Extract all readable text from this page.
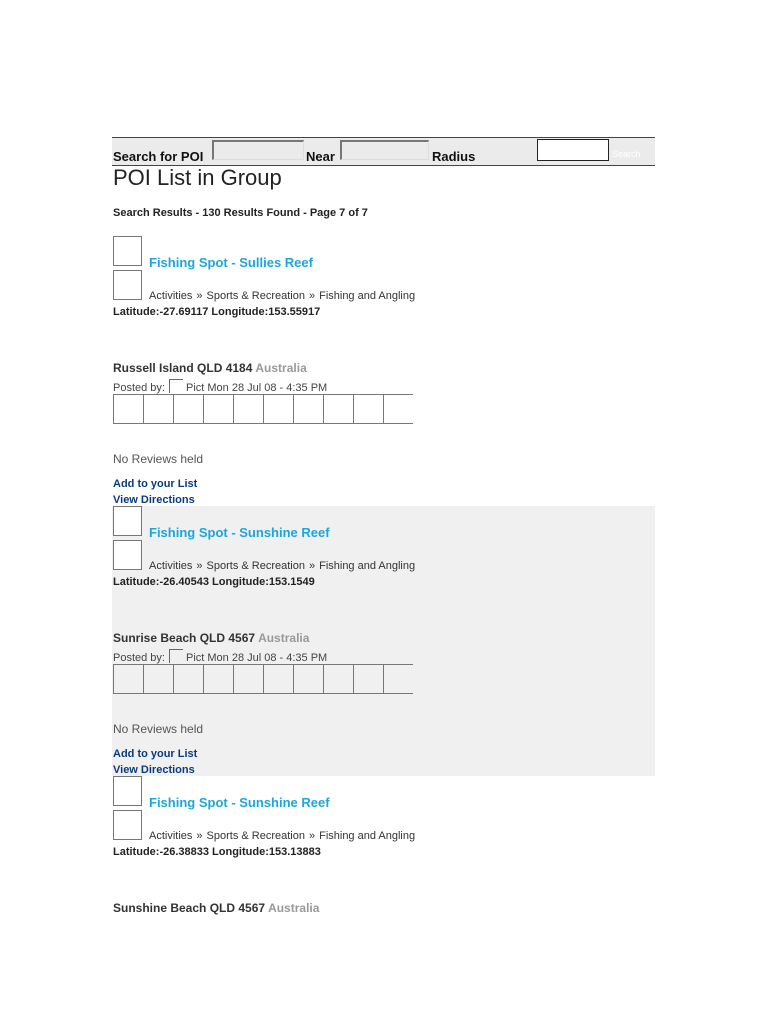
Search for POI	Near	Radius	Search
POI List in Group
Search Results - 130 Results Found - Page 7 of 7
Fishing Spot - Sullies Reef
Activities » Sports & Recreation » Fishing and Angling
Latitude:-27.69117 Longitude:153.55917
Russell Island QLD 4184 Australia
Posted by: Pict Mon 28 Jul 08 - 4:35 PM
No Reviews held
Add to your List
View Directions
Fishing Spot - Sunshine Reef
Activities » Sports & Recreation » Fishing and Angling
Latitude:-26.40543 Longitude:153.1549
Sunrise Beach QLD 4567 Australia
Posted by: Pict Mon 28 Jul 08 - 4:35 PM
No Reviews held
Add to your List
View Directions
Fishing Spot - Sunshine Reef
Activities » Sports & Recreation » Fishing and Angling
Latitude:-26.38833 Longitude:153.13883
Sunshine Beach QLD 4567 Australia
